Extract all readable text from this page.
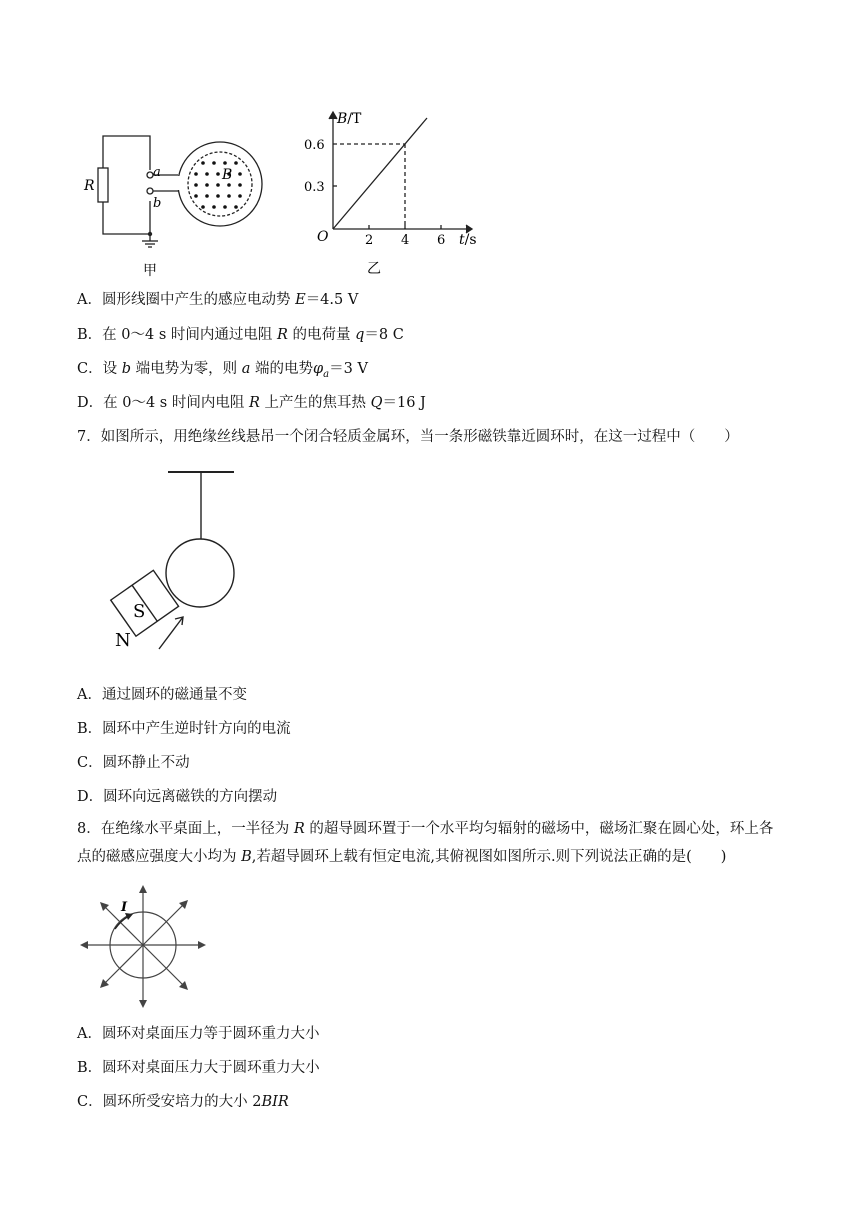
R
a
b
B
甲
B/T
0.6
0.3
O	2 4 6 t/s
乙
A．圆形线圈中产生的感应电动势 E＝4.5 V
B．在 0～4 s 时间内通过电阻 R 的电荷量 q＝8 C
C．设 b 端电势为零，则 a 端的电势$\varphi_a=3$ V
D．在 0～4 s 时间内电阻 R 上产生的焦耳热 Q＝16 J
7．如图所示，用绝缘丝线悬吊一个闭合轻质金属环，当一条形磁铁靠近圆环时，在这一过程中（　　）
S
N
A．通过圆环的磁通量不变
B．圆环中产生逆时针方向的电流
C．圆环静止不动
D．圆环向远离磁铁的方向摆动
8．在绝缘水平桌面上，一半径为 R 的超导圆环置于一个水平均匀辐射的磁场中，磁场汇聚在圆心处，环上各点的磁感应强度大小均为 B,若超导圆环上载有恒定电流,其俯视图如图所示.则下列说法正确的是(　　)
I
A．圆环对桌面压力等于圆环重力大小
B．圆环对桌面压力大于圆环重力大小
C．圆环所受安培力的大小 2BIR
